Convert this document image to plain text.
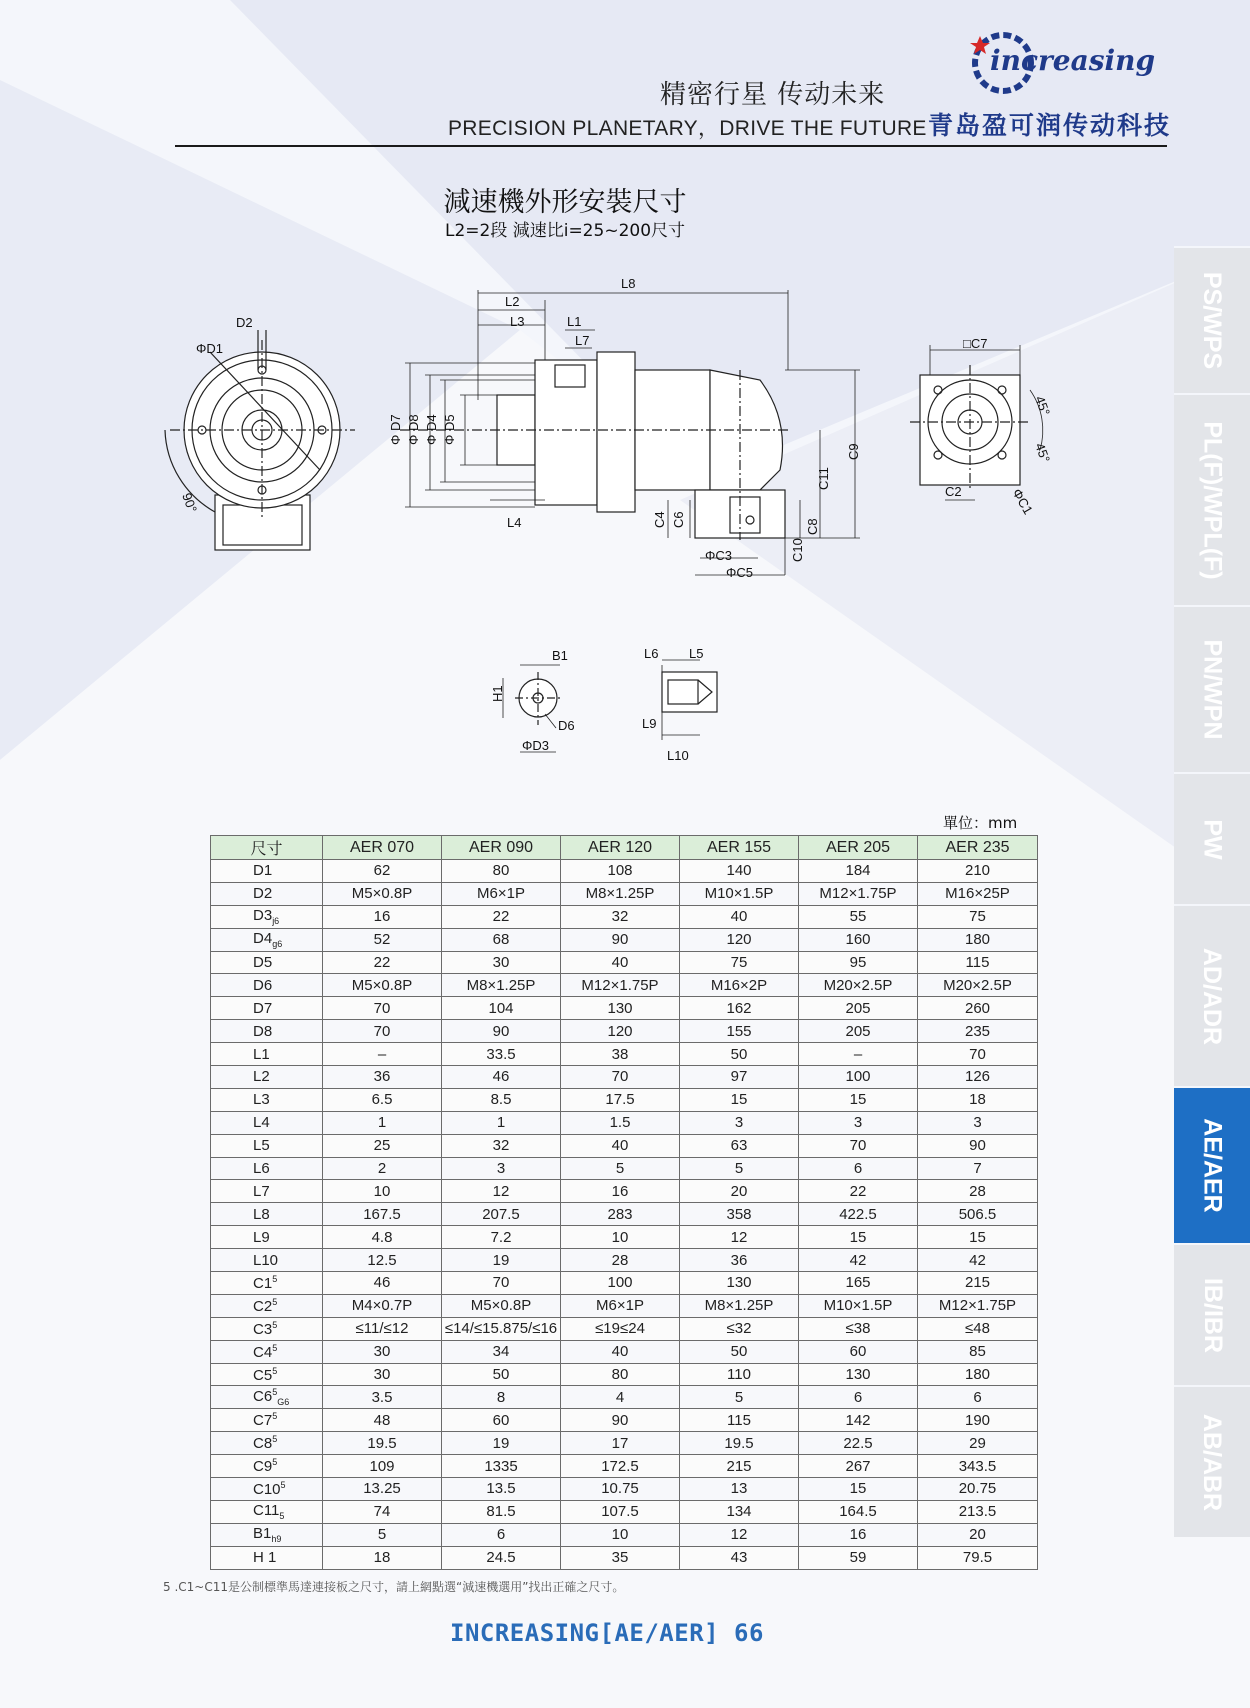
精密行星 传动未来
PRECISION PLANETARY，DRIVE THE FUTURE
increasing
青岛盈可润传动科技
減速機外形安裝尺寸
L2=2段 減速比i=25~200尺寸
D2
ΦD1
90°
L8
L2
L3	L1
L7
L4
Φ D7 Φ D8 Φ D4 Φ D5
C9
C11
C4 C6	C8
C10
ΦC3
ΦC5
□C7
45°
45°
C2	ΦC1
B1
H1
D6
ΦD3
L6 L5
L9
L10
PS/WPS
PL(F)/WPL(F)
PN/WPN
PW
AD/ADR
AE/AER
IB/IBR
AB/ABR
單位：mm
尺寸	AER 070	AER 090	AER 120	AER 155	AER 205	AER 235
D1	62	80	108	140	184	210
D2	M5×0.8P	M6×1P	M8×1.25P	M10×1.5P	M12×1.75P	M16×25P
$D3_{j6}$	16	22	32	40	55	75
$D4_{g6}$	52	68	90	120	160	180
D5	22	30	40	75	95	115
D6	M5×0.8P	M8×1.25P	M12×1.75P	M16×2P	M20×2.5P	M20×2.5P
D7	70	104	130	162	205	260
D8	70	90	120	155	205	235
L1	–	33.5	38	50	–	70
L2	36	46	70	97	100	126
L3	6.5	8.5	17.5	15	15	18
L4	1	1	1.5	3	3	3
L5	25	32	40	63	70	90
L6	2	3	5	5	6	7
L7	10	12	16	20	22	28
L8	167.5	207.5	283	358	422.5	506.5
L9	4.8	7.2	10	12	15	15
L10	12.5	19	28	36	42	42
$C1^5$	46	70	100	130	165	215
$C2^5$	M4×0.7P	M5×0.8P	M6×1P	M8×1.25P	M10×1.5P	M12×1.75P
$C3^5$	≤11/≤12	≤14/≤15.875/≤16	≤19≤24	≤32	≤38	≤48
$C4^5$	30	34	40	50	60	85
$C5^5$	30	50	80	110	130	180
$C6^5_{G6}$	3.5	8	4	5	6	6
$C7^5$	48	60	90	115	142	190
$C8^5$	19.5	19	17	19.5	22.5	29
$C9^5$	109	1335	172.5	215	267	343.5
$C10^5$	13.25	13.5	10.75	13	15	20.75
$C11_5$	74	81.5	107.5	134	164.5	213.5
$B1_{h9}$	5	6	10	12	16	20
H 1	18	24.5	35	43	59	79.5
5 .C1~C11是公制標準馬達連接板之尺寸，請上網點選“減速機選用”找出正確之尺寸。
INCREASING[AE/AER] 66
